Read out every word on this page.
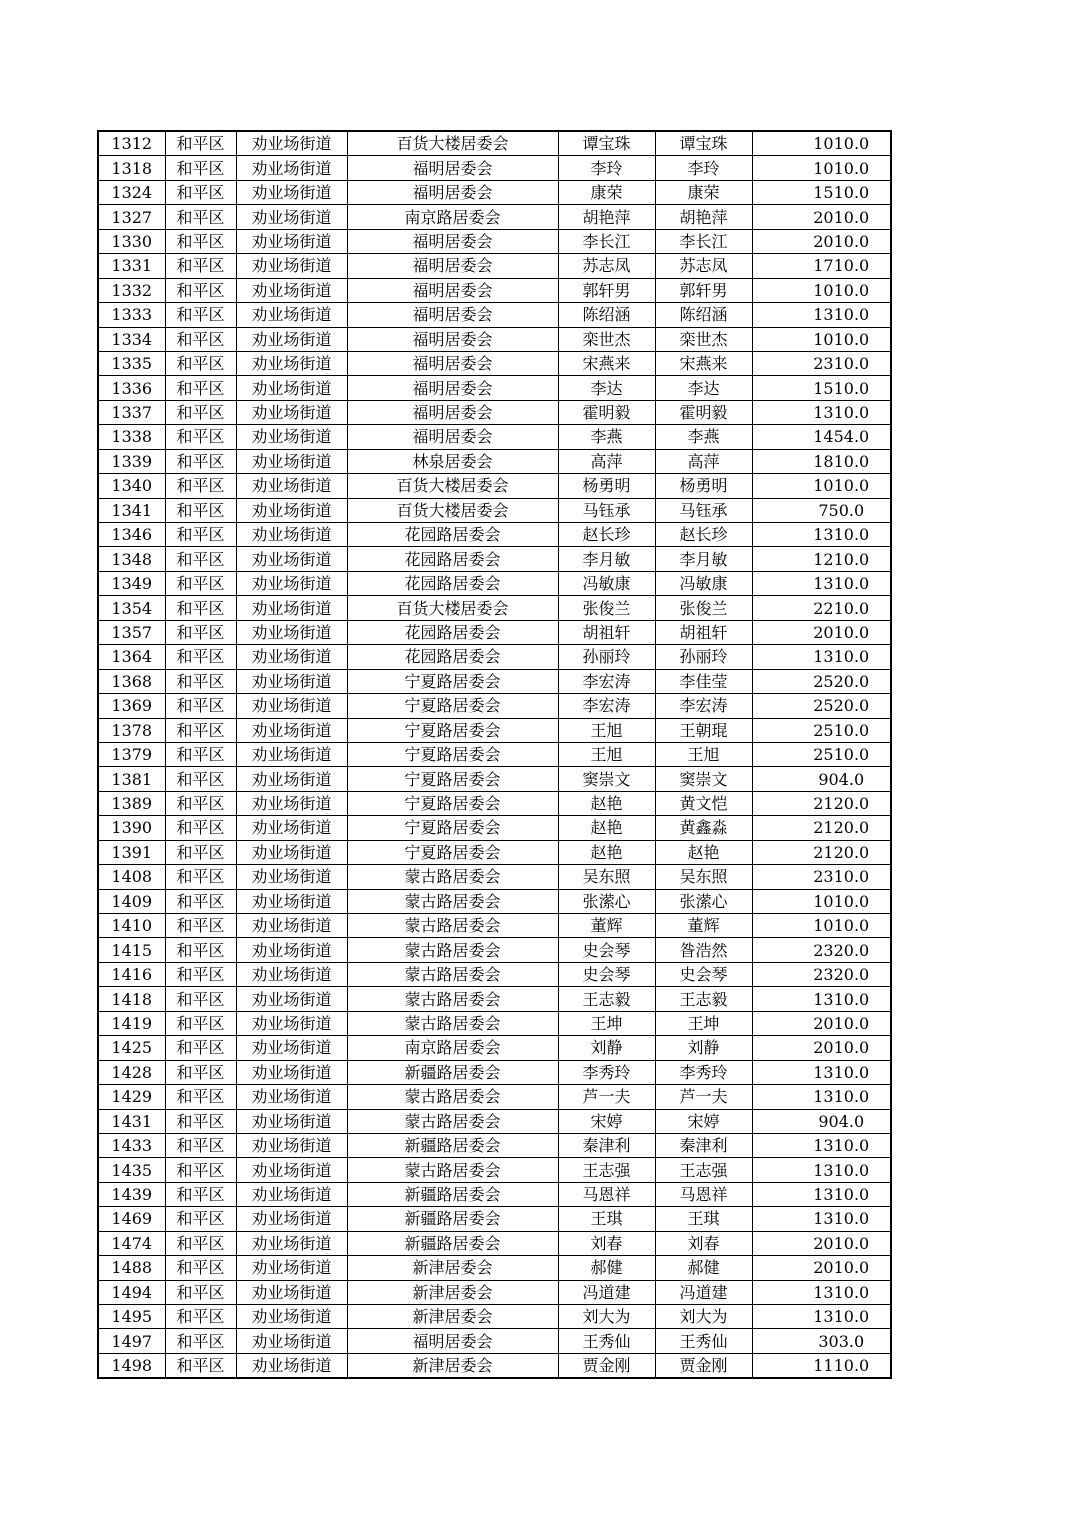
1312	和平区	劝业场街道	百货大楼居委会	谭宝珠	谭宝珠	1010.0
1318	和平区	劝业场街道	福明居委会	李玲	李玲	1010.0
1324	和平区	劝业场街道	福明居委会	康荣	康荣	1510.0
1327	和平区	劝业场街道	南京路居委会	胡艳萍	胡艳萍	2010.0
1330	和平区	劝业场街道	福明居委会	李长江	李长江	2010.0
1331	和平区	劝业场街道	福明居委会	苏志凤	苏志凤	1710.0
1332	和平区	劝业场街道	福明居委会	郭轩男	郭轩男	1010.0
1333	和平区	劝业场街道	福明居委会	陈绍涵	陈绍涵	1310.0
1334	和平区	劝业场街道	福明居委会	栾世杰	栾世杰	1010.0
1335	和平区	劝业场街道	福明居委会	宋燕来	宋燕来	2310.0
1336	和平区	劝业场街道	福明居委会	李达	李达	1510.0
1337	和平区	劝业场街道	福明居委会	霍明毅	霍明毅	1310.0
1338	和平区	劝业场街道	福明居委会	李燕	李燕	1454.0
1339	和平区	劝业场街道	林泉居委会	高萍	高萍	1810.0
1340	和平区	劝业场街道	百货大楼居委会	杨勇明	杨勇明	1010.0
1341	和平区	劝业场街道	百货大楼居委会	马钰承	马钰承	750.0
1346	和平区	劝业场街道	花园路居委会	赵长珍	赵长珍	1310.0
1348	和平区	劝业场街道	花园路居委会	李月敏	李月敏	1210.0
1349	和平区	劝业场街道	花园路居委会	冯敏康	冯敏康	1310.0
1354	和平区	劝业场街道	百货大楼居委会	张俊兰	张俊兰	2210.0
1357	和平区	劝业场街道	花园路居委会	胡祖轩	胡祖轩	2010.0
1364	和平区	劝业场街道	花园路居委会	孙丽玲	孙丽玲	1310.0
1368	和平区	劝业场街道	宁夏路居委会	李宏涛	李佳莹	2520.0
1369	和平区	劝业场街道	宁夏路居委会	李宏涛	李宏涛	2520.0
1378	和平区	劝业场街道	宁夏路居委会	王旭	王朝琨	2510.0
1379	和平区	劝业场街道	宁夏路居委会	王旭	王旭	2510.0
1381	和平区	劝业场街道	宁夏路居委会	窦崇文	窦崇文	904.0
1389	和平区	劝业场街道	宁夏路居委会	赵艳	黄文恺	2120.0
1390	和平区	劝业场街道	宁夏路居委会	赵艳	黄鑫淼	2120.0
1391	和平区	劝业场街道	宁夏路居委会	赵艳	赵艳	2120.0
1408	和平区	劝业场街道	蒙古路居委会	吴东照	吴东照	2310.0
1409	和平区	劝业场街道	蒙古路居委会	张潆心	张潆心	1010.0
1410	和平区	劝业场街道	蒙古路居委会	董辉	董辉	1010.0
1415	和平区	劝业场街道	蒙古路居委会	史会琴	昝浩然	2320.0
1416	和平区	劝业场街道	蒙古路居委会	史会琴	史会琴	2320.0
1418	和平区	劝业场街道	蒙古路居委会	王志毅	王志毅	1310.0
1419	和平区	劝业场街道	蒙古路居委会	王坤	王坤	2010.0
1425	和平区	劝业场街道	南京路居委会	刘静	刘静	2010.0
1428	和平区	劝业场街道	新疆路居委会	李秀玲	李秀玲	1310.0
1429	和平区	劝业场街道	蒙古路居委会	芦一夫	芦一夫	1310.0
1431	和平区	劝业场街道	蒙古路居委会	宋婷	宋婷	904.0
1433	和平区	劝业场街道	新疆路居委会	秦津利	秦津利	1310.0
1435	和平区	劝业场街道	蒙古路居委会	王志强	王志强	1310.0
1439	和平区	劝业场街道	新疆路居委会	马恩祥	马恩祥	1310.0
1469	和平区	劝业场街道	新疆路居委会	王琪	王琪	1310.0
1474	和平区	劝业场街道	新疆路居委会	刘春	刘春	2010.0
1488	和平区	劝业场街道	新津居委会	郝健	郝健	2010.0
1494	和平区	劝业场街道	新津居委会	冯道建	冯道建	1310.0
1495	和平区	劝业场街道	新津居委会	刘大为	刘大为	1310.0
1497	和平区	劝业场街道	福明居委会	王秀仙	王秀仙	303.0
1498	和平区	劝业场街道	新津居委会	贾金刚	贾金刚	1110.0
